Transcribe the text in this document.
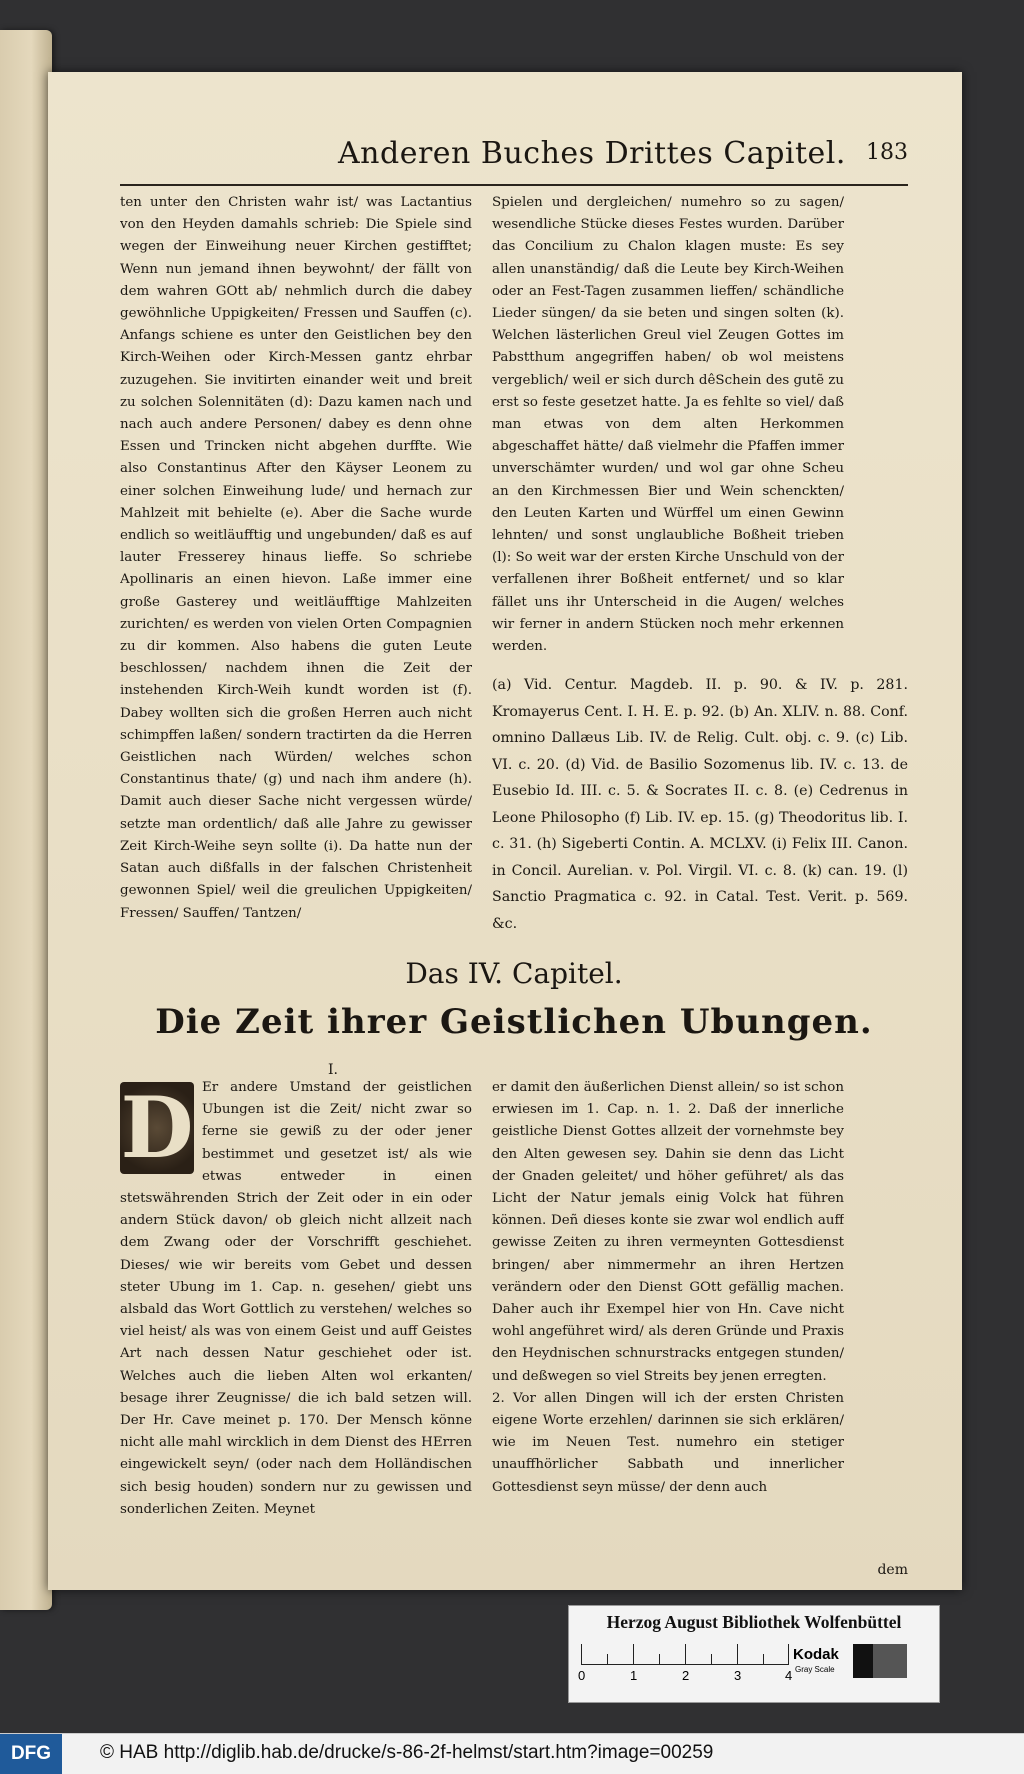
Anderen Buches Drittes Capitel. 183
ten unter den Christen wahr ist/ was Lactantius von den Heyden damahls schrieb: Die Spiele sind wegen der Einweihung neuer Kirchen gestifftet; Wenn nun jemand ihnen beywohnt/ der fällt von dem wahren GOtt ab/ nehmlich durch die dabey gewöhnliche Uppigkeiten/ Fressen und Sauffen (c). Anfangs schiene es unter den Geistlichen bey den Kirch-Weihen oder Kirch-Messen gantz ehrbar zuzugehen. Sie invitirten einander weit und breit zu solchen Solennitäten (d): Dazu kamen nach und nach auch andere Personen/ dabey es denn ohne Essen und Trincken nicht abgehen durffte. Wie also Constantinus After den Käyser Leonem zu einer solchen Einweihung lude/ und hernach zur Mahlzeit mit behielte (e). Aber die Sache wurde endlich so weitläufftig und ungebunden/ daß es auf lauter Fresserey hinaus lieffe. So schriebe Apollinaris an einen hievon. Laße immer eine große Gasterey und weitläufftige Mahlzeiten zurichten/ es werden von vielen Orten Compagnien zu dir kommen. Also habens die guten Leute beschlossen/ nachdem ihnen die Zeit der instehenden Kirch-Weih kundt worden ist (f). Dabey wollten sich die großen Herren auch nicht schimpffen laßen/ sondern tractirten da die Herren Geistlichen nach Würden/ welches schon Constantinus thate/ (g) und nach ihm andere (h). Damit auch dieser Sache nicht vergessen würde/ setzte man ordentlich/ daß alle Jahre zu gewisser Zeit Kirch-Weihe seyn sollte (i). Da hatte nun der Satan auch dißfalls in der falschen Christenheit gewonnen Spiel/ weil die greulichen Uppigkeiten/ Fressen/ Sauffen/ Tantzen/
Spielen und dergleichen/ numehro so zu sagen/ wesendliche Stücke dieses Festes wurden. Darüber das Concilium zu Chalon klagen muste: Es sey allen unanständig/ daß die Leute bey Kirch-Weihen oder an Fest-Tagen zusammen lieffen/ schändliche Lieder süngen/ da sie beten und singen solten (k). Welchen lästerlichen Greul viel Zeugen Gottes im Pabstthum angegriffen haben/ ob wol meistens vergeblich/ weil er sich durch dêSchein des gutẽ zu erst so feste gesetzet hatte. Ja es fehlte so viel/ daß man etwas von dem alten Herkommen abgeschaffet hätte/ daß vielmehr die Pfaffen immer unverschämter wurden/ und wol gar ohne Scheu an den Kirchmessen Bier und Wein schenckten/ den Leuten Karten und Würffel um einen Gewinn lehnten/ und sonst unglaubliche Boßheit trieben (l): So weit war der ersten Kirche Unschuld von der verfallenen ihrer Boßheit entfernet/ und so klar fället uns ihr Unterscheid in die Augen/ welches wir ferner in andern Stücken noch mehr erkennen werden.
(a) Vid. Centur. Magdeb. II. p. 90. & IV. p. 281. Kromayerus Cent. I. H. E. p. 92. (b) An. XLIV. n. 88. Conf. omnino Dallæus Lib. IV. de Relig. Cult. obj. c. 9. (c) Lib. VI. c. 20. (d) Vid. de Basilio Sozomenus lib. IV. c. 13. de Eusebio Id. III. c. 5. & Socrates II. c. 8. (e) Cedrenus in Leone Philosopho (f) Lib. IV. ep. 15. (g) Theodoritus lib. I. c. 31. (h) Sigeberti Contin. A. MCLXV. (i) Felix III. Canon. in Concil. Aurelian. v. Pol. Virgil. VI. c. 8. (k) can. 19. (l) Sanctio Pragmatica c. 92. in Catal. Test. Verit. p. 569. &c.
Das IV. Capitel.
Die Zeit ihrer Geistlichen Ubungen.
I.
Er andere Umstand der geistlichen Ubungen ist die Zeit/ nicht zwar so ferne sie gewiß zu der oder jener bestimmet und gesetzet ist/ als wie etwas entweder in einen stetswährenden Strich der Zeit oder in ein oder andern Stück davon/ ob gleich nicht allzeit nach dem Zwang oder der Vorschrifft geschiehet. Dieses/ wie wir bereits vom Gebet und dessen steter Ubung im 1. Cap. n. gesehen/ giebt uns alsbald das Wort Gottlich zu verstehen/ welches so viel heist/ als was von einem Geist und auff Geistes Art nach dessen Natur geschiehet oder ist. Welches auch die lieben Alten wol erkanten/ besage ihrer Zeugnisse/ die ich bald setzen will. Der Hr. Cave meinet p. 170. Der Mensch könne nicht alle mahl wircklich in dem Dienst des HErren eingewickelt seyn/ (oder nach dem Holländischen sich besig houden) sondern nur zu gewissen und sonderlichen Zeiten. Meynet
D	er damit den äußerlichen Dienst allein/ so ist schon erwiesen im 1. Cap. n. 1. 2. Daß der innerliche geistliche Dienst Gottes allzeit der vornehmste bey den Alten gewesen sey. Dahin sie denn das Licht der Gnaden geleitet/ und höher geführet/ als das Licht der Natur jemals einig Volck hat führen können. Deñ dieses konte sie zwar wol endlich auff gewisse Zeiten zu ihren vermeynten Gottesdienst bringen/ aber nimmermehr an ihren Hertzen verändern oder den Dienst GOtt gefällig machen. Daher auch ihr Exempel hier von Hn. Cave nicht wohl angeführet wird/ als deren Gründe und Praxis den Heydnischen schnurstracks entgegen stunden/ und deßwegen so viel Streits bey jenen erregten.
2. Vor allen Dingen will ich der ersten Christen eigene Worte erzehlen/ darinnen sie sich erklären/ wie im Neuen Test. numehro ein stetiger unauffhörlicher Sabbath und innerlicher Gottesdienst seyn müsse/ der denn auch
dem
Herzog August Bibliothek Wolfenbüttel
0	1	2	3	4
Kodak
Gray Scale
DFG	© HAB http://diglib.hab.de/drucke/s-86-2f-helmst/start.htm?image=00259
